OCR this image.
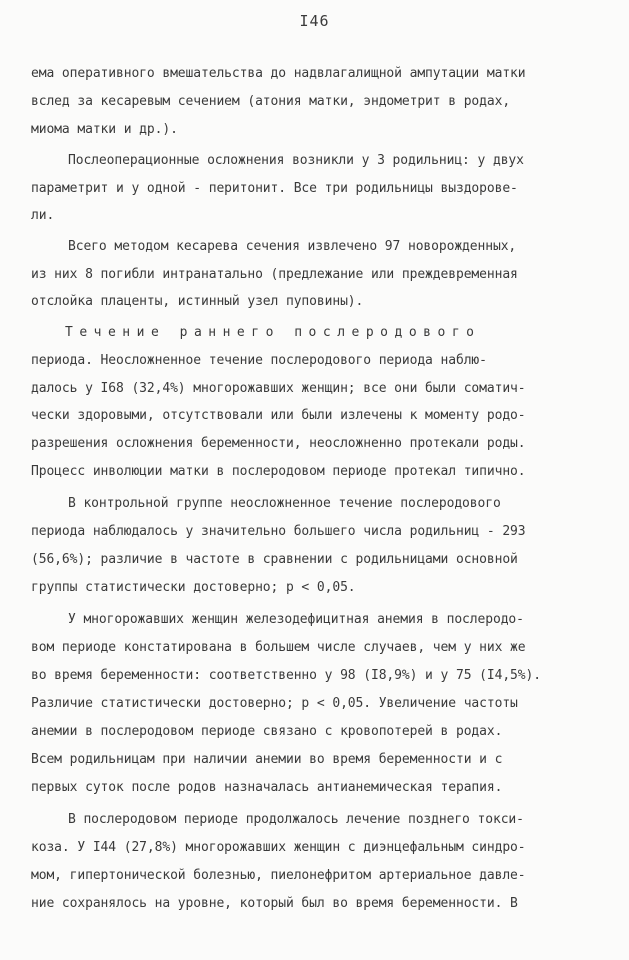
I46
ема оперативного вмешательства до надвлагалищной ампутации матки
вслед за кесаревым сечением (атония матки, эндометрит в родах,
миома матки и др.).
Послеоперационные осложнения возникли у 3 родильниц: у двух
параметрит и у одной - перитонит. Все три родильницы выздорове-
ли.
Всего методом кесарева сечения извлечено 97 новорожденных,
из них 8 погибли интранатально (предлежание или преждевременная
отслойка плаценты, истинный узел пуповины).
Течение раннего послеродового
периода. Неосложненное течение послеродового периода наблю-
далось у I68 (32,4%) многорожавших женщин; все они были соматич-
чески здоровыми, отсутствовали или были излечены к моменту родо-
разрешения осложнения беременности, неосложненно протекали роды.
Процесс инволюции матки в послеродовом периоде протекал типично.
В контрольной группе неосложненное течение послеродового
периода наблюдалось у значительно большего числа родильниц - 293
(56,6%); различие в частоте в сравнении с родильницами основной
группы статистически достоверно; р < 0,05.
У многорожавших женщин железодефицитная анемия в послеродо-
вом периоде констатирована в большем числе случаев, чем у них же
во время беременности: соответственно у 98 (I8,9%) и у 75 (I4,5%).
Различие статистически достоверно; р < 0,05. Увеличение частоты
анемии в послеродовом периоде связано с кровопотерей в родах.
Всем родильницам при наличии анемии во время беременности и с
первых суток после родов назначалась антианемическая терапия.
В послеродовом периоде продолжалось лечение позднего токси-
коза. У I44 (27,8%) многорожавших женщин с диэнцефальным синдро-
мом, гипертонической болезнью, пиелонефритом артериальное давле-
ние сохранялось на уровне, который был во время беременности. В
